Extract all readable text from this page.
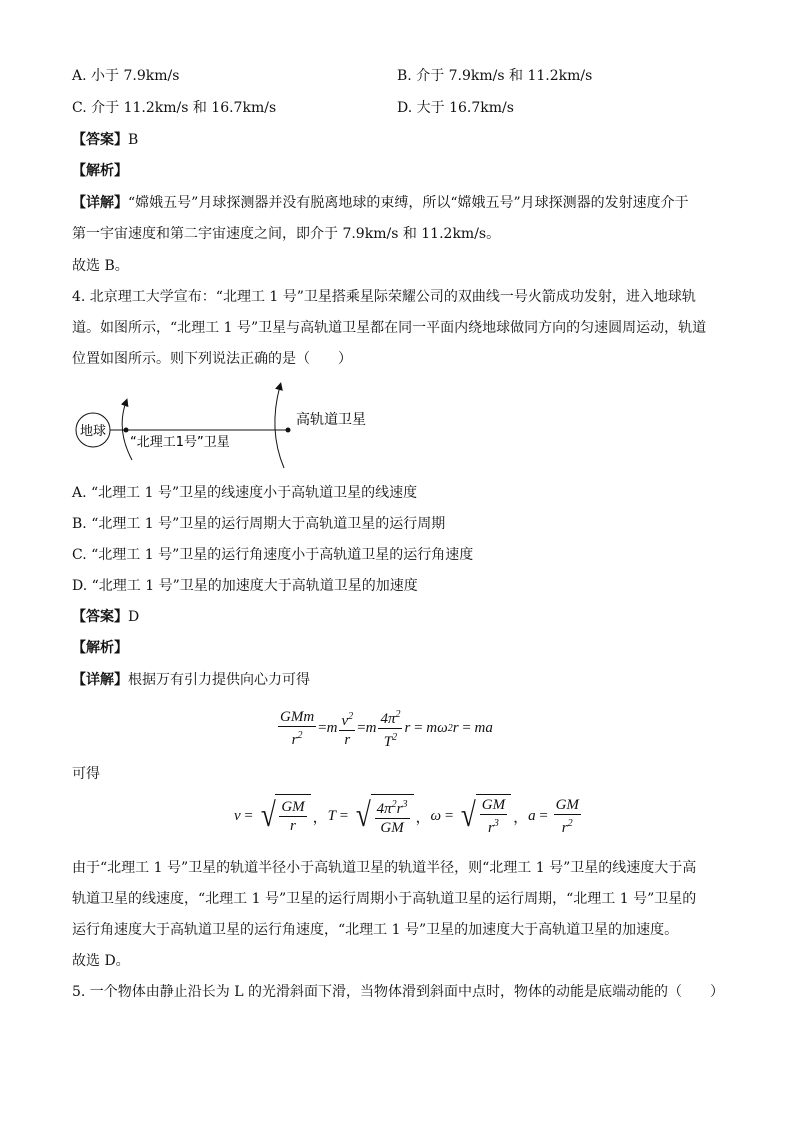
A. 小于 7.9km/s	B. 介于 7.9km/s 和 11.2km/s
C. 介于 11.2km/s 和 16.7km/s	D. 大于 16.7km/s
【答案】B
【解析】
【详解】“嫦娥五号”月球探测器并没有脱离地球的束缚，所以“嫦娥五号”月球探测器的发射速度介于
第一宇宙速度和第二宇宙速度之间，即介于 7.9km/s 和 11.2km/s。
故选 B。
4. 北京理工大学宣布：“北理工 1 号”卫星搭乘星际荣耀公司的双曲线一号火箭成功发射，进入地球轨
道。如图所示，“北理工 1 号”卫星与高轨道卫星都在同一平面内绕地球做同方向的匀速圆周运动，轨道
位置如图所示。则下列说法正确的是（　　）
地球
“北理工1号”卫星
高轨道卫星
A. “北理工 1 号”卫星的线速度小于高轨道卫星的线速度
B. “北理工 1 号”卫星的运行周期大于高轨道卫星的运行周期
C. “北理工 1 号”卫星的运行角速度小于高轨道卫星的运行角速度
D. “北理工 1 号”卫星的加速度大于高轨道卫星的加速度
【答案】D
【解析】
【详解】根据万有引力提供向心力可得
$\frac{\text{GMm}}{r^2} = m \frac{v^2}{r} = m \frac{4\pi^2}{T^2}$ r = mω 2 r = ma
可得
v = √ $\frac{GM}{r}$ ， T = √ $\frac{4\pi^2r^3}{GM}$ ， ω = √ $\frac{GM}{r^3}$ ， $a = \frac{GM}{r^2}$
由于“北理工 1 号”卫星的轨道半径小于高轨道卫星的轨道半径，则“北理工 1 号”卫星的线速度大于高
轨道卫星的线速度，“北理工 1 号”卫星的运行周期小于高轨道卫星的运行周期，“北理工 1 号”卫星的
运行角速度大于高轨道卫星的运行角速度，“北理工 1 号”卫星的加速度大于高轨道卫星的加速度。
故选 D。
5. 一个物体由静止沿长为 L 的光滑斜面下滑，当物体滑到斜面中点时，物体的动能是底端动能的（　　）
